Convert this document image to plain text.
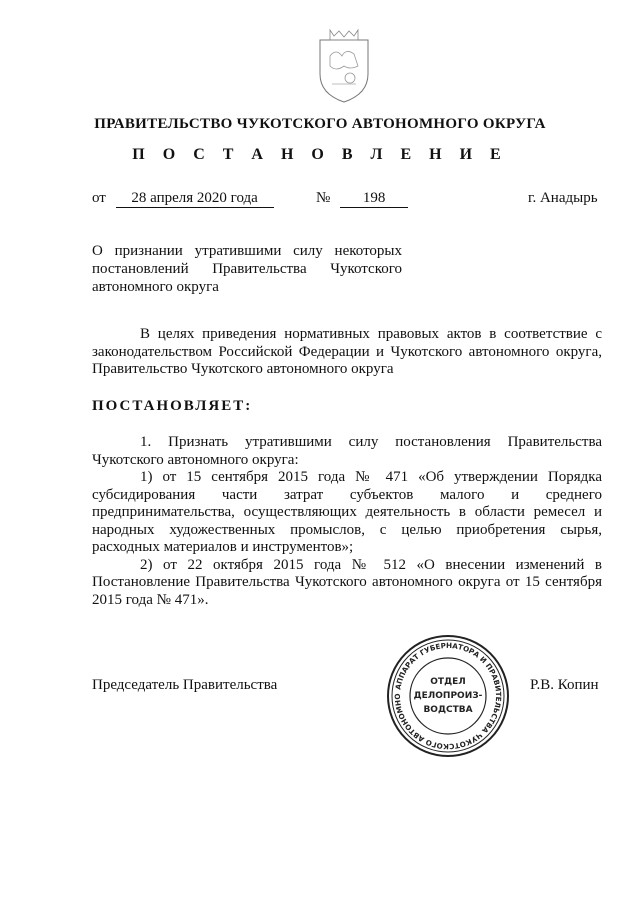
ПРАВИТЕЛЬСТВО ЧУКОТСКОГО АВТОНОМНОГО ОКРУГА
П О С Т А Н О В Л Е Н И Е
от 28 апреля 2020 года	№ 198	г. Анадырь
О признании утратившими силу некоторых постановлений Правительства Чукотского автономного округа

В целях приведения нормативных правовых актов в соответствие с законодательством Российской Федерации и Чукотского автономного округа, Правительство Чукотского автономного округа

ПОСТАНОВЛЯЕТ:

1. Признать утратившими силу постановления Правительства Чукотского автономного округа:

1) от 15 сентября 2015 года № 471 «Об утверждении Порядка субсидирования части затрат субъектов малого и среднего предпринимательства, осуществляющих деятельность в области ремесел и народных художественных промыслов, с целью приобретения сырья, расходных материалов и инструментов»;

2) от 22 октября 2015 года № 512 «О внесении изменений в Постановление Правительства Чукотского автономного округа от 15 сентября 2015 года № 471».

Председатель Правительства	Р.В. Копин
АППАРАТ ГУБЕРНАТОРА И ПРАВИТЕЛЬСТВА ЧУКОТСКОГО АВТОНОМНО
ОТДЕЛ
ДЕЛОПРОИЗ-
ВОДСТВА
